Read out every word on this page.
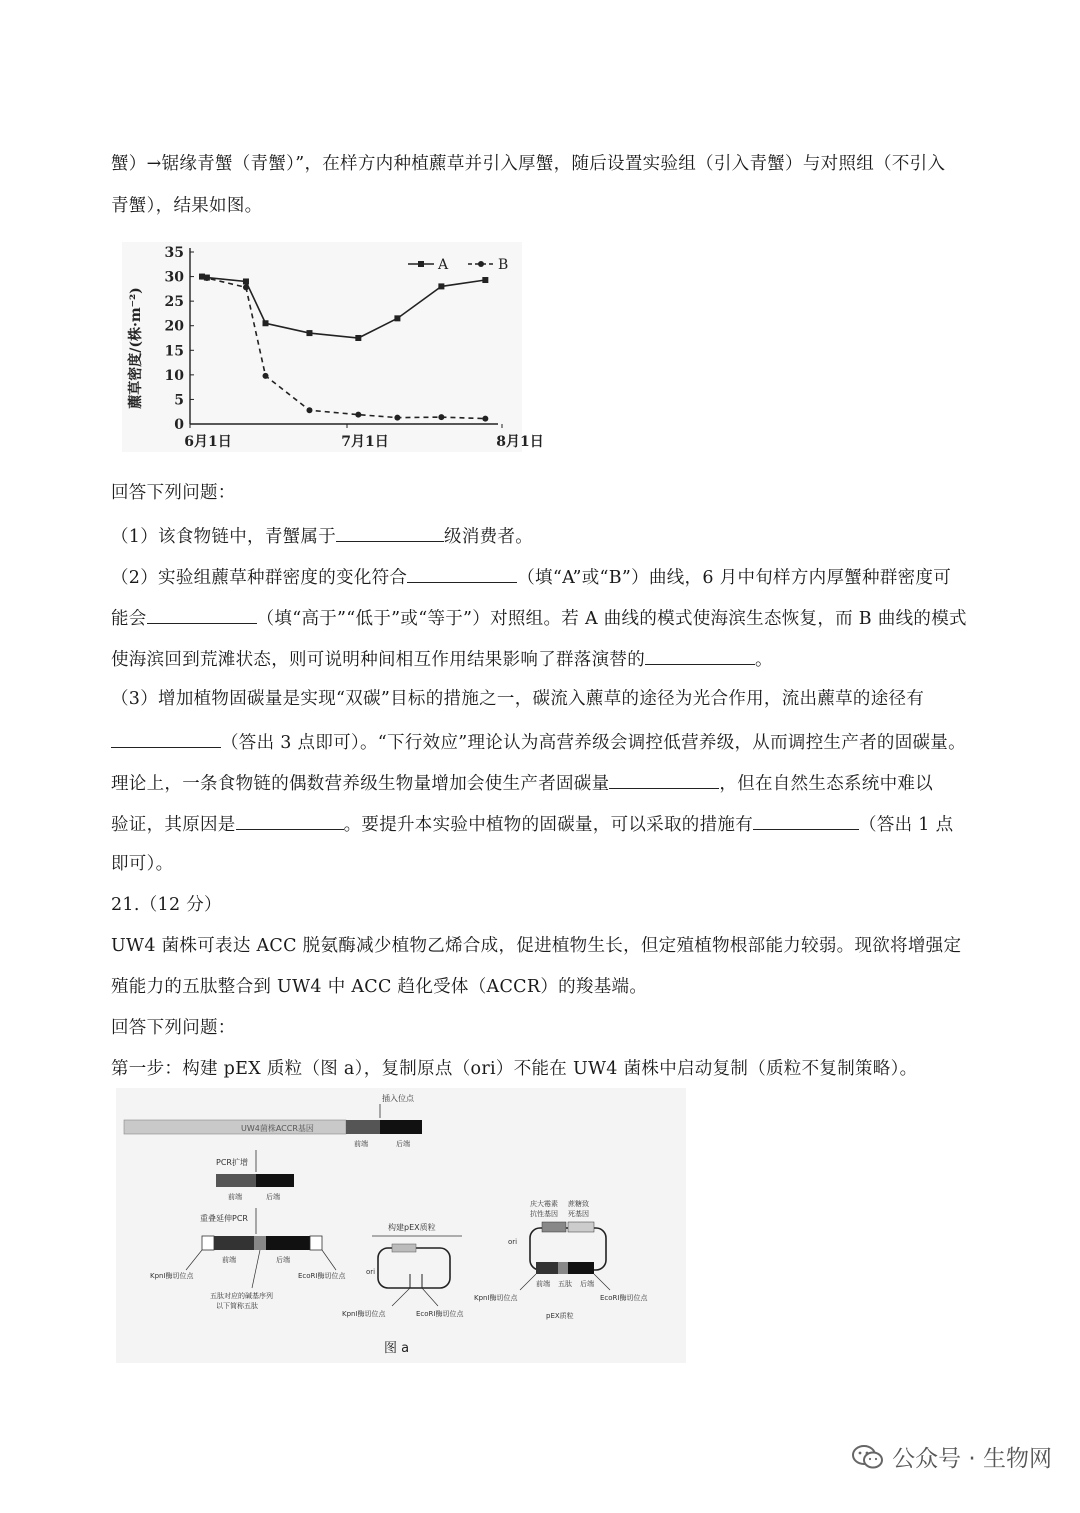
蟹）→锯缘青蟹（青蟹）”，在样方内种植藨草并引入厚蟹，随后设置实验组（引入青蟹）与对照组（不引入
青蟹），结果如图。
0
5
10
15
20
25
30
35
6月1日	7月1日	8月1日
A	B
藨草密度/(株·m⁻²)
回答下列问题：
（1）该食物链中，青蟹属于	级消费者。
（2）实验组藨草种群密度的变化符合	（填“A”或“B”）曲线，6 月中旬样方内厚蟹种群密度可
能会	（填“高于”“低于”或“等于”）对照组。若 A 曲线的模式使海滨生态恢复，而 B 曲线的模式
使海滨回到荒滩状态，则可说明种间相互作用结果影响了群落演替的	。
（3）增加植物固碳量是实现“双碳”目标的措施之一，碳流入藨草的途径为光合作用，流出藨草的途径有
（答出 3 点即可）。“下行效应”理论认为高营养级会调控低营养级，从而调控生产者的固碳量。
理论上，一条食物链的偶数营养级生物量增加会使生产者固碳量	，但在自然生态系统中难以
验证，其原因是	。要提升本实验中植物的固碳量，可以采取的措施有	（答出 1 点
即可）。
21.（12 分）
UW4 菌株可表达 ACC 脱氨酶减少植物乙烯合成，促进植物生长，但定殖植物根部能力较弱。现欲将增强定
殖能力的五肽整合到 UW4 中 ACC 趋化受体（ACCR）的羧基端。
回答下列问题：
第一步：构建 pEX 质粒（图 a），复制原点（ori）不能在 UW4 菌株中启动复制（质粒不复制策略）。
UW4菌株ACCR基因
插入位点
前端	后端
PCR扩增
前端	后端
重叠延伸PCR
前端	后端
KpnⅠ酶切位点	EcoRⅠ酶切位点
五肽对应的碱基序列
以下简称五肽
构建pEX质粒
ori
KpnⅠ酶切位点	EcoRⅠ酶切位点
庆大霉素
抗性基因
蔗糖致
死基因
ori
前端 五肽 后端
KpnⅠ酶切位点	EcoRⅠ酶切位点
pEX质粒
图 a
公众号 · 生物网
